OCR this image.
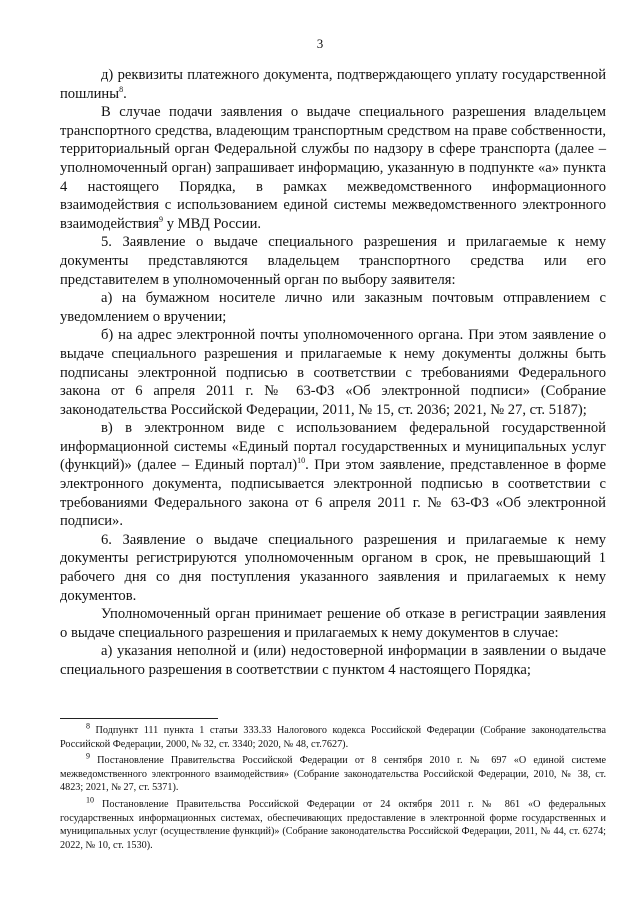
3

д) реквизиты платежного документа, подтверждающего уплату государственной пошлины$^8$.

В случае подачи заявления о выдаче специального разрешения владельцем транспортного средства, владеющим транспортным средством на праве собственности, территориальный орган Федеральной службы по надзору в сфере транспорта (далее – уполномоченный орган) запрашивает информацию, указанную в подпункте «а» пункта 4 настоящего Порядка, в рамках межведомственного информационного взаимодействия с использованием единой системы межведомственного электронного взаимодействия$^9$ у МВД России.

5. Заявление о выдаче специального разрешения и прилагаемые к нему документы представляются владельцем транспортного средства или его представителем в уполномоченный орган по выбору заявителя:

а) на бумажном носителе лично или заказным почтовым отправлением с уведомлением о вручении;

б) на адрес электронной почты уполномоченного органа. При этом заявление о выдаче специального разрешения и прилагаемые к нему документы должны быть подписаны электронной подписью в соответствии с требованиями Федерального закона от 6 апреля 2011 г. № 63-ФЗ «Об электронной подписи» (Собрание законодательства Российской Федерации, 2011, № 15, ст. 2036; 2021, № 27, ст. 5187);

в) в электронном виде с использованием федеральной государственной информационной системы «Единый портал государственных и муниципальных услуг (функций)» (далее – Единый портал)$^{10}$. При этом заявление, представленное в форме электронного документа, подписывается электронной подписью в соответствии с требованиями Федерального закона от 6 апреля 2011 г. № 63-ФЗ «Об электронной подписи».

6. Заявление о выдаче специального разрешения и прилагаемые к нему документы регистрируются уполномоченным органом в срок, не превышающий 1 рабочего дня со дня поступления указанного заявления и прилагаемых к нему документов.

Уполномоченный орган принимает решение об отказе в регистрации заявления о выдаче специального разрешения и прилагаемых к нему документов в случае:

а) указания неполной и (или) недостоверной информации в заявлении о выдаче специального разрешения в соответствии с пунктом 4 настоящего Порядка;

$^8$ Подпункт 111 пункта 1 статьи 333.33 Налогового кодекса Российской Федерации (Собрание законодательства Российской Федерации, 2000, № 32, ст. 3340; 2020, № 48, ст.7627).

$^9$ Постановление Правительства Российской Федерации от 8 сентября 2010 г. № 697 «О единой системе межведомственного электронного взаимодействия» (Собрание законодательства Российской Федерации, 2010, № 38, ст. 4823; 2021, № 27, ст. 5371).

$^{10}$ Постановление Правительства Российской Федерации от 24 октября 2011 г. № 861 «О федеральных государственных информационных системах, обеспечивающих предоставление в электронной форме государственных и муниципальных услуг (осуществление функций)» (Собрание законодательства Российской Федерации, 2011, № 44, ст. 6274; 2022, № 10, ст. 1530).
